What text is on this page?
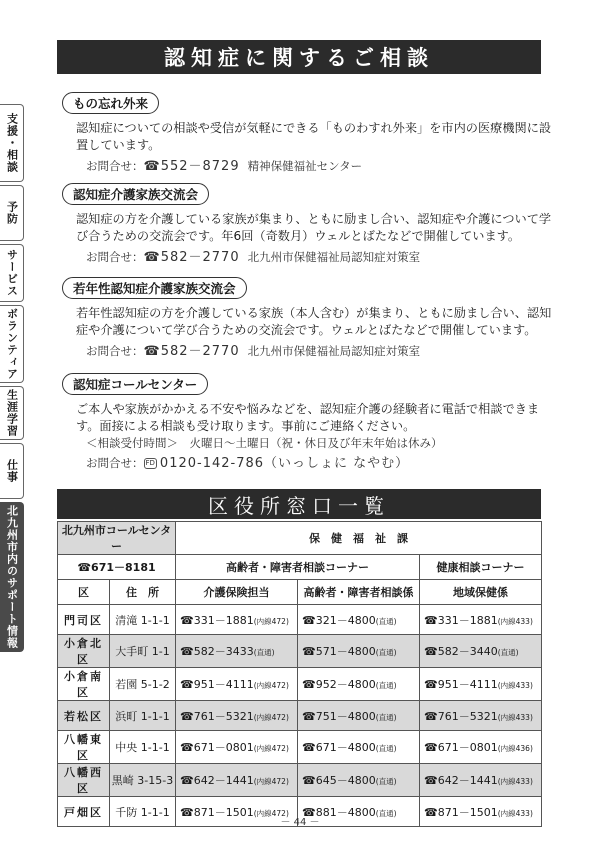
支援・相談
予防
サービス
ボランティア
生涯学習
仕事
北九州市内のサポート情報
認知症に関するご相談
もの忘れ外来
認知症についての相談や受信が気軽にできる「ものわすれ外来」を市内の医療機関に設置しています。
お問合せ：☎552－8729 精神保健福祉センター
認知症介護家族交流会
認知症の方を介護している家族が集まり、ともに励まし合い、認知症や介護について学び合うための交流会です。年6回（奇数月）ウェルとばたなどで開催しています。
お問合せ：☎582－2770 北九州市保健福祉局認知症対策室
若年性認知症介護家族交流会
若年性認知症の方を介護している家族（本人含む）が集まり、ともに励まし合い、認知症や介護について学び合うための交流会です。ウェルとばたなどで開催しています。
お問合せ：☎582－2770 北九州市保健福祉局認知症対策室
認知症コールセンター
ご本人や家族がかかえる不安や悩みなどを、認知症介護の経験者に電話で相談できます。面接による相談も受け取ります。事前にご連絡ください。
＜相談受付時間＞　火曜日～土曜日（祝・休日及び年末年始は休み）
お問合せ： FD 0120-142-786（いっしょに なやむ）
区役所窓口一覧
北九州市コールセンター		保　健　福　祉　課		
☎671－8181		高齢者・障害者相談コーナー		健康相談コーナー
区	住　所	介護保険担当	高齢者・障害者相談係	地域保健係
門司区	清滝 1-1-1	☎331－1881(内線472)	☎321－4800(直通)	☎331－1881(内線433)
小倉北区	大手町 1-1	☎582－3433(直通)	☎571－4800(直通)	☎582－3440(直通)
小倉南区	若園 5-1-2	☎951－4111(内線472)	☎952－4800(直通)	☎951－4111(内線433)
若松区	浜町 1-1-1	☎761－5321(内線472)	☎751－4800(直通)	☎761－5321(内線433)
八幡東区	中央 1-1-1	☎671－0801(内線472)	☎671－4800(直通)	☎671－0801(内線436)
八幡西区	黒崎 3-15-3	☎642－1441(内線472)	☎645－4800(直通)	☎642－1441(内線433)
戸畑区	千防 1-1-1	☎871－1501(内線472)	☎881－4800(直通)	☎871－1501(内線433)
－ 44 －
